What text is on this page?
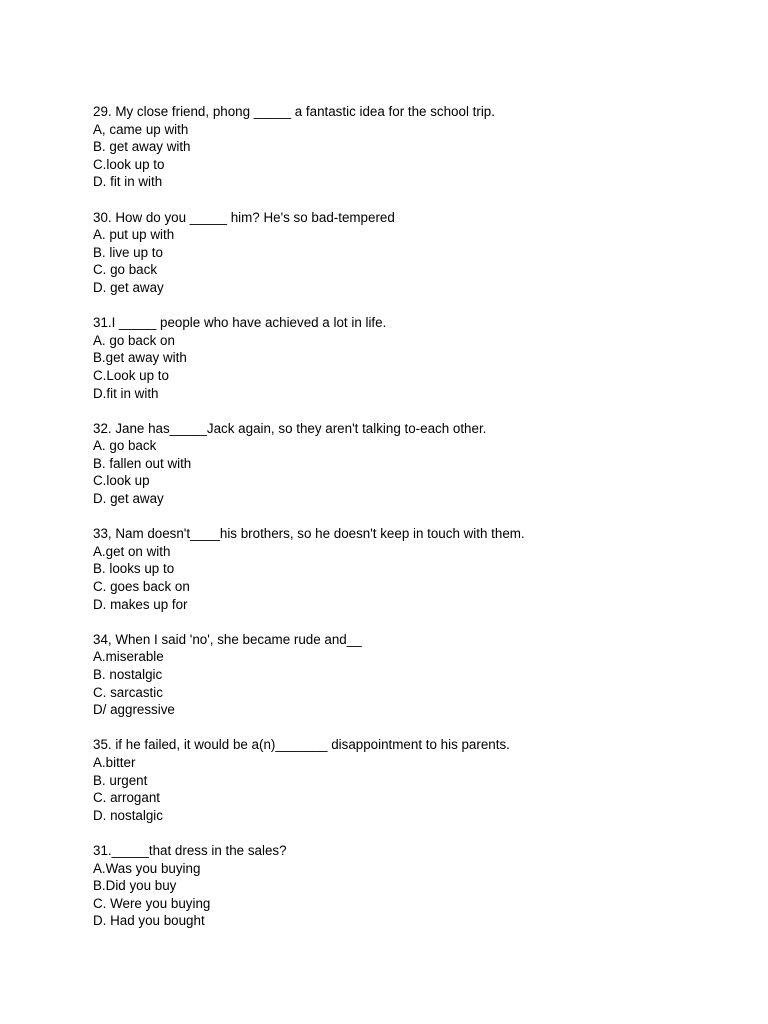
29. My close friend, phong _____ a fantastic idea for the school trip.
A, came up with
B. get away with
C.look up to
D. fit in with
30. How do you _____ him? He's so bad-tempered
A. put up with
B. live up to
C. go back
D. get away
31.I _____ people who have achieved a lot in life.
A. go back on
B.get away with
C.Look up to
D.fit in with
32. Jane has_____Jack again, so they aren't talking to-each other.
A. go back
B. fallen out with
C.look up
D. get away
33, Nam doesn't____his brothers, so he doesn't keep in touch with them.
A.get on with
B. looks up to
C. goes back on
D. makes up for
34, When I said 'no', she became rude and__
A.miserable
B. nostalgic
C. sarcastic
D/ aggressive
35. if he failed, it would be a(n)_______ disappointment to his parents.
A.bitter
B. urgent
C. arrogant
D. nostalgic
31._____that dress in the sales?
A.Was you buying
B.Did you buy
C. Were you buying
D. Had you bought
